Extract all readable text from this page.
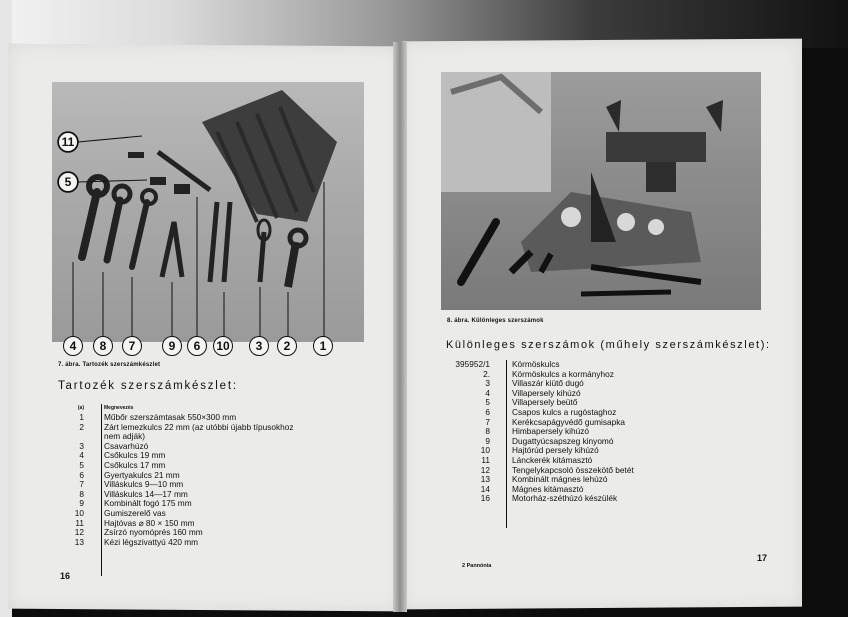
11
5
4	8	7	9	6	10	3	2	1
7. ábra. Tartozék szerszámkészlet
Tartozék szerszámkészlet:
(a)	Megnevezés
1	Műbőr szerszámtasak 550×300 mm
2	Zárt lemezkulcs 22 mm (az utóbbi újabb típusokhoz
nem adják)
3	Csavarhúzó
4	Csőkulcs 19 mm
5	Csőkulcs 17 mm
6	Gyertyakulcs 21 mm
7	Villáskulcs 9—10 mm
8	Villáskulcs 14—17 mm
9	Kombinált fogó 175 mm
10	Gumiszerelő vas
11	Hajtóvas ⌀ 80 × 150 mm
12	Zsírzó nyomóprés 160 mm
13	Kézi légszivattyú 420 mm
16
8. ábra. Különleges szerszámok
Különleges szerszámok (műhely szerszámkészlet):
395952/1	Körmöskulcs
2.	Körmöskulcs a kormányhoz
3	Villaszár kiütő dugó
4	Villapersely kihúzó
5	Villapersely beütő
6	Csapos kulcs a rugóstaghoz
7	Kerékcsapágyvédő gumisapka
8	Himbapersely kihúzó
9	Dugattyúcsapszeg kinyomó
10	Hajtórúd persely kihúzó
11	Lánckerék kitámasztó
12	Tengelykapcsoló összekötő betét
13	Kombinált mágnes lehúzó
14	Mágnes kitámasztó
16	Motorház-széthúzó készülék
2 Pannónia
17
